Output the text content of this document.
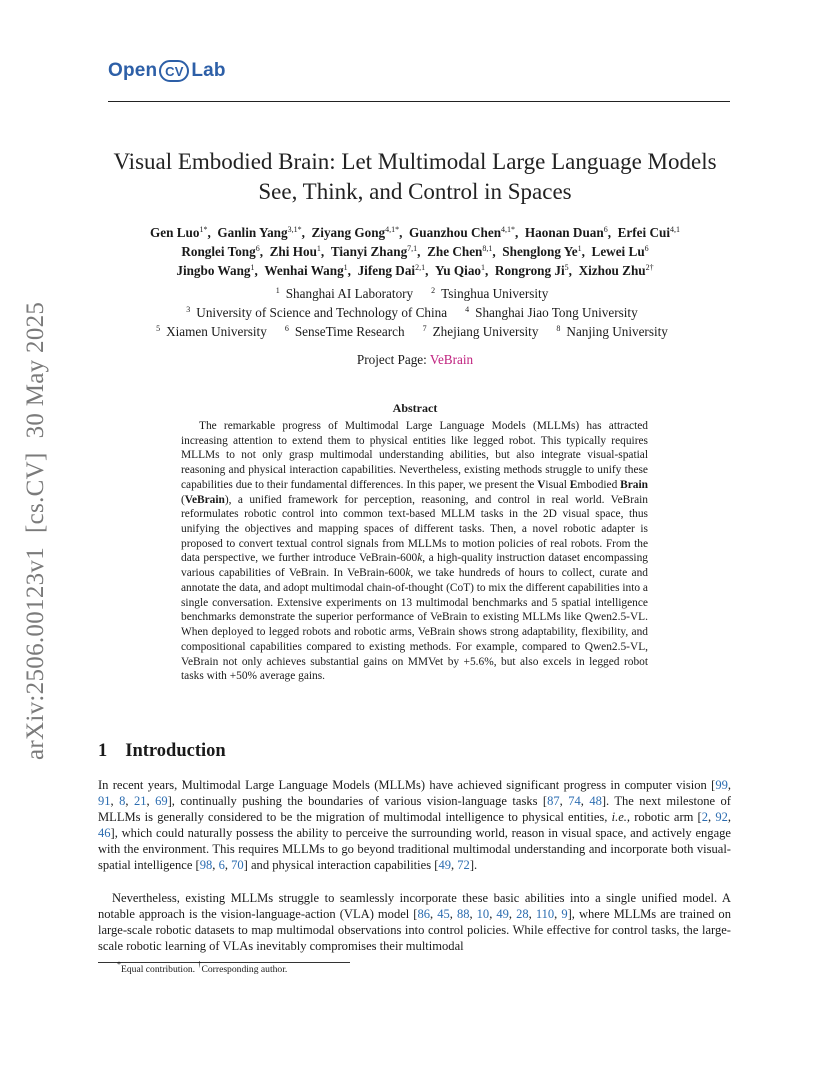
Open CV Lab
Visual Embodied Brain: Let Multimodal Large Language Models
See, Think, and Control in Spaces
Gen Luo$^{1*}$,  Ganlin Yang$^{3,1*}$,  Ziyang Gong$^{4,1*}$,  Guanzhou Chen$^{4,1*}$,  Haonan Duan$^6$,  Erfei Cui$^{4,1}$
Ronglei Tong$^6$,  Zhi Hou$^1$,  Tianyi Zhang$^{7,1}$,  Zhe Chen$^{8,1}$,  Shenglong Ye$^1$,  Lewei Lu$^6$
Jingbo Wang$^1$,  Wenhai Wang$^1$,  Jifeng Dai$^{2,1}$,  Yu Qiao$^1$,  Rongrong Ji$^5$,  Xizhou Zhu$^{2\dagger}$
$^1$ Shanghai AI Laboratory $^2$ Tsinghua University
$^3$ University of Science and Technology of China $^4$ Shanghai Jiao Tong University
$^5$ Xiamen University $^6$ SenseTime Research $^7$ Zhejiang University $^8$ Nanjing University
Project Page: VeBrain
Abstract
The remarkable progress of Multimodal Large Language Models (MLLMs) has attracted increasing attention to extend them to physical entities like legged robot. This typically requires MLLMs to not only grasp multimodal understanding abilities, but also integrate visual-spatial reasoning and physical interaction capabilities. Nevertheless, existing methods struggle to unify these capabilities due to their fundamental differences. In this paper, we present the Visual Embodied Brain (VeBrain), a unified framework for perception, reasoning, and control in real world. VeBrain reformulates robotic control into common text-based MLLM tasks in the 2D visual space, thus unifying the objectives and mapping spaces of different tasks. Then, a novel robotic adapter is proposed to convert textual control signals from MLLMs to motion policies of real robots. From the data perspective, we further introduce VeBrain-600k, a high-quality instruction dataset encompassing various capabilities of VeBrain. In VeBrain-600k, we take hundreds of hours to collect, curate and annotate the data, and adopt multimodal chain-of-thought (CoT) to mix the different capabilities into a single conversation. Extensive experiments on 13 multimodal benchmarks and 5 spatial intelligence benchmarks demonstrate the superior performance of VeBrain to existing MLLMs like Qwen2.5-VL. When deployed to legged robots and robotic arms, VeBrain shows strong adaptability, flexibility, and compositional capabilities compared to existing methods. For example, compared to Qwen2.5-VL, VeBrain not only achieves substantial gains on MMVet by +5.6%, but also excels in legged robot tasks with +50% average gains.
1 Introduction
In recent years, Multimodal Large Language Models (MLLMs) have achieved significant progress in computer vision [99, 91, 8, 21, 69], continually pushing the boundaries of various vision-language tasks [87, 74, 48]. The next milestone of MLLMs is generally considered to be the migration of multimodal intelligence to physical entities, i.e., robotic arm [2, 92, 46], which could naturally possess the ability to perceive the surrounding world, reason in visual space, and actively engage with the environment. This requires MLLMs to go beyond traditional multimodal understanding and incorporate both visual-spatial intelligence [98, 6, 70] and physical interaction capabilities [49, 72].
Nevertheless, existing MLLMs struggle to seamlessly incorporate these basic abilities into a single unified model. A notable approach is the vision-language-action (VLA) model [86, 45, 88, 10, 49, 28, 110, 9], where MLLMs are trained on large-scale robotic datasets to map multimodal observations into control policies. While effective for control tasks, the large-scale robotic learning of VLAs inevitably compromises their multimodal
*Equal contribution. †Corresponding author.
arXiv:2506.00123v1[cs.CV]30 May 2025
